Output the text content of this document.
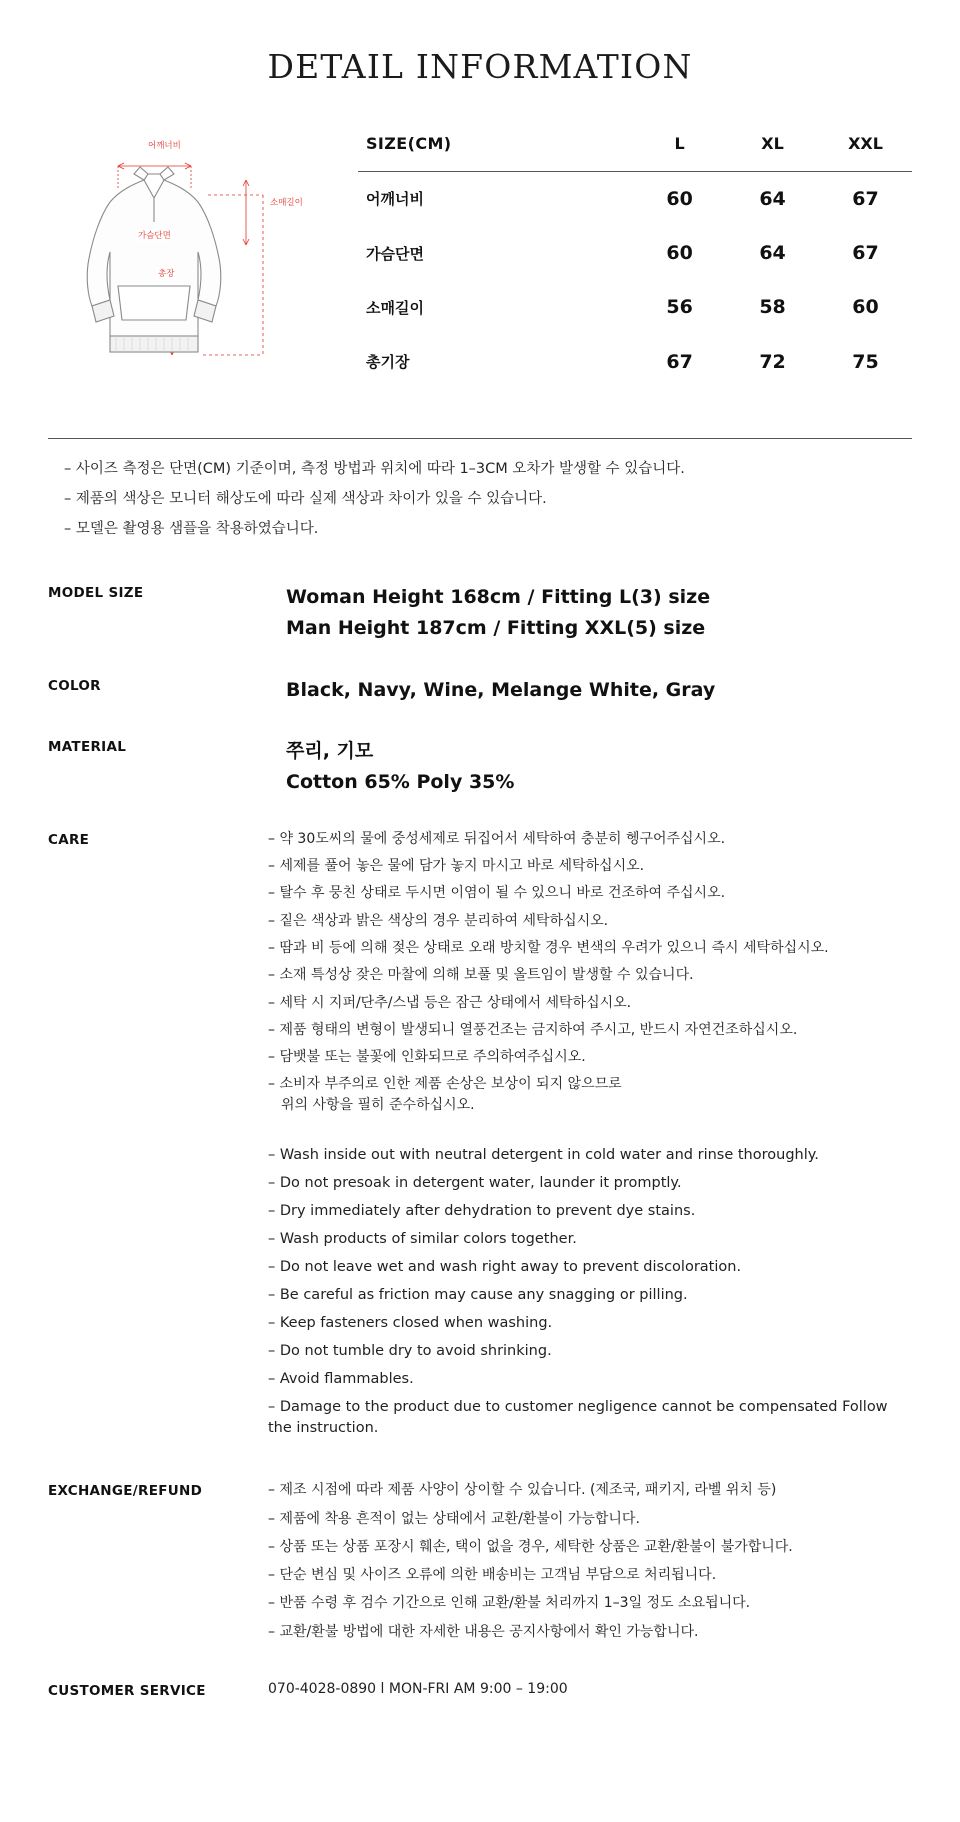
DETAIL INFORMATION
어깨너비
소매길이
가슴단면
총장
SIZE(CM)	L	XL	XXL
어깨너비	60	64	67
가슴단면	60	64	67
소매길이	56	58	60
총기장	67	72	75

– 사이즈 측정은 단면(CM) 기준이며, 측정 방법과 위치에 따라 1–3CM 오차가 발생할 수 있습니다.

– 제품의 색상은 모니터 해상도에 따라 실제 색상과 차이가 있을 수 있습니다.

– 모델은 촬영용 샘플을 착용하였습니다.

MODEL SIZE	Woman Height 168cm / Fitting L(3) size
Man Height 187cm / Fitting XXL(5) size
COLOR	Black, Navy, Wine, Melange White, Gray
MATERIAL	쭈리, 기모
Cotton 65% Poly 35%
CARE	– 약 30도씨의 물에 중성세제로 뒤집어서 세탁하여 충분히 헹구어주십시오.

– 세제를 풀어 놓은 물에 담가 놓지 마시고 바로 세탁하십시오.

– 탈수 후 뭉친 상태로 두시면 이염이 될 수 있으니 바로 건조하여 주십시오.

– 짙은 색상과 밝은 색상의 경우 분리하여 세탁하십시오.

– 땀과 비 등에 의해 젖은 상태로 오래 방치할 경우 변색의 우려가 있으니 즉시 세탁하십시오.

– 소재 특성상 잦은 마찰에 의해 보풀 및 올트임이 발생할 수 있습니다.

– 세탁 시 지퍼/단추/스냅 등은 잠근 상태에서 세탁하십시오.

– 제품 형태의 변형이 발생되니 열풍건조는 금지하여 주시고, 반드시 자연건조하십시오.

– 담뱃불 또는 불꽃에 인화되므로 주의하여주십시오.

– 소비자 부주의로 인한 제품 손상은 보상이 되지 않으므로
위의 사항을 필히 준수하십시오.

– Wash inside out with neutral detergent in cold water and rinse thoroughly.

– Do not presoak in detergent water, launder it promptly.

– Dry immediately after dehydration to prevent dye stains.

– Wash products of similar colors together.

– Do not leave wet and wash right away to prevent discoloration.

– Be careful as friction may cause any snagging or pilling.

– Keep fasteners closed when washing.

– Do not tumble dry to avoid shrinking.

– Avoid flammables.

– Damage to the product due to customer negligence cannot be compensated Follow the instruction.

EXCHANGE/REFUND	– 제조 시점에 따라 제품 사양이 상이할 수 있습니다. (제조국, 패키지, 라벨 위치 등)

– 제품에 착용 흔적이 없는 상태에서 교환/환불이 가능합니다.

– 상품 또는 상품 포장시 훼손, 택이 없을 경우, 세탁한 상품은 교환/환불이 불가합니다.

– 단순 변심 및 사이즈 오류에 의한 배송비는 고객님 부담으로 처리됩니다.

– 반품 수령 후 검수 기간으로 인해 교환/환불 처리까지 1–3일 정도 소요됩니다.

– 교환/환불 방법에 대한 자세한 내용은 공지사항에서 확인 가능합니다.

CUSTOMER SERVICE	070-4028-0890 l MON-FRI AM 9:00 – 19:00
